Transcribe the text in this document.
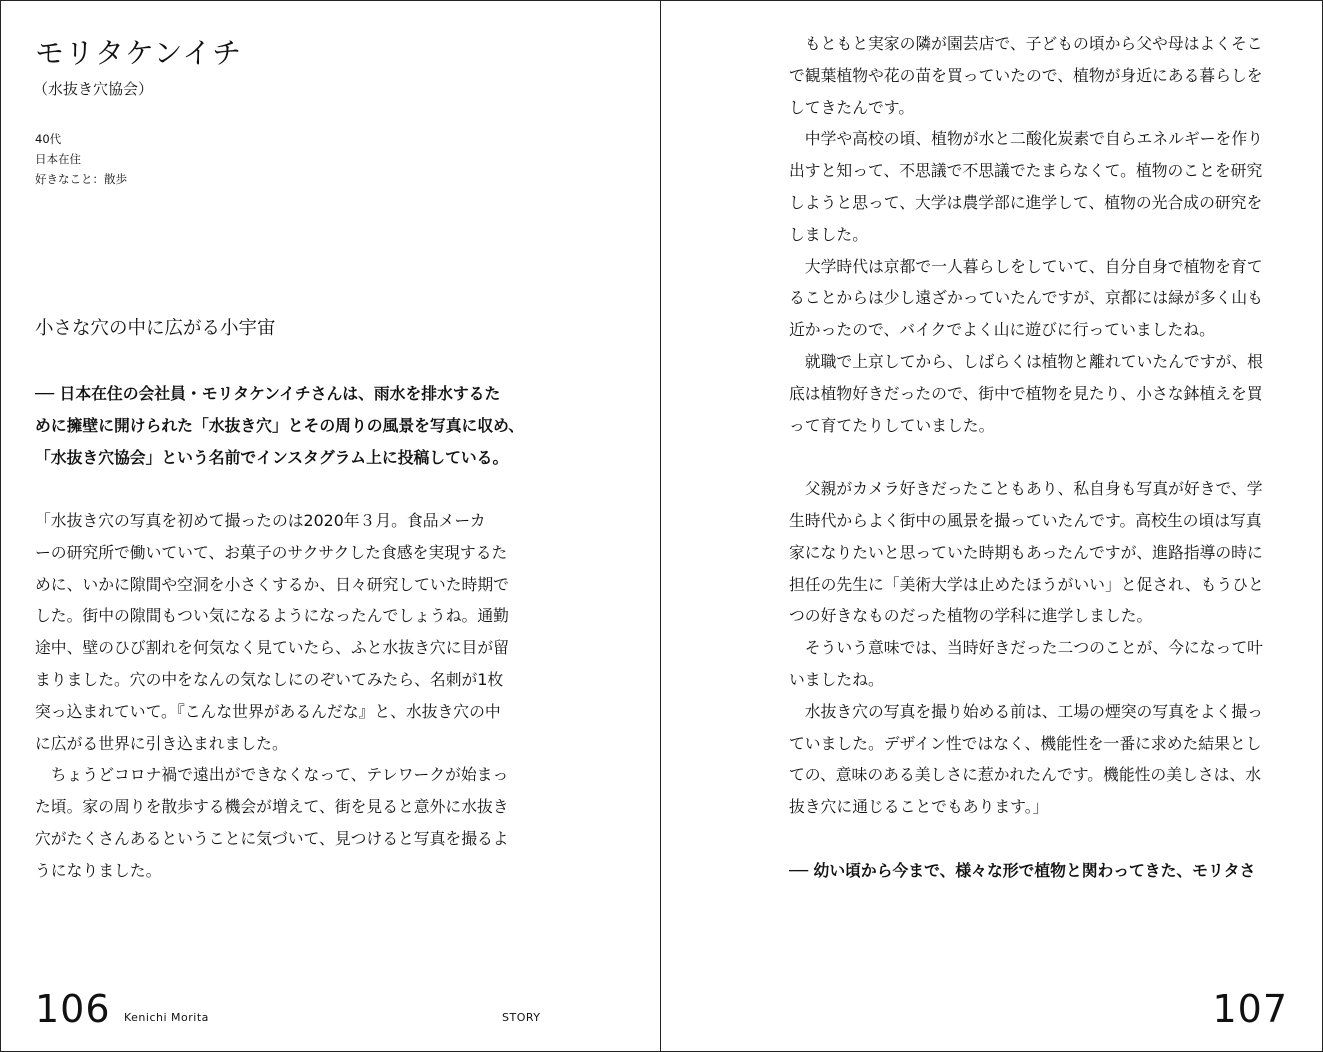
モリタケンイチ
（水抜き穴協会）
40代
日本在住
好きなこと：散歩
小さな穴の中に広がる小宇宙
── 日本在住の会社員・モリタケンイチさんは、雨水を排水するた
めに擁壁に開けられた「水抜き穴」とその周りの風景を写真に収め、
「水抜き穴協会」という名前でインスタグラム上に投稿している。
「水抜き穴の写真を初めて撮ったのは2020年３月。食品メーカ
ーの研究所で働いていて、お菓子のサクサクした食感を実現するた
めに、いかに隙間や空洞を小さくするか、日々研究していた時期で
した。街中の隙間もつい気になるようになったんでしょうね。通勤
途中、壁のひび割れを何気なく見ていたら、ふと水抜き穴に目が留
まりました。穴の中をなんの気なしにのぞいてみたら、名刺が1枚
突っ込まれていて。『こんな世界があるんだな』と、水抜き穴の中
に広がる世界に引き込まれました。
　ちょうどコロナ禍で遠出ができなくなって、テレワークが始まっ
た頃。家の周りを散歩する機会が増えて、街を見ると意外に水抜き
穴がたくさんあるということに気づいて、見つけると写真を撮るよ
うになりました。
106 Kenichi Morita	STORY
　もともと実家の隣が園芸店で、子どもの頃から父や母はよくそこ
で観葉植物や花の苗を買っていたので、植物が身近にある暮らしを
してきたんです。
　中学や高校の頃、植物が水と二酸化炭素で自らエネルギーを作り
出すと知って、不思議で不思議でたまらなくて。植物のことを研究
しようと思って、大学は農学部に進学して、植物の光合成の研究を
しました。
　大学時代は京都で一人暮らしをしていて、自分自身で植物を育て
ることからは少し遠ざかっていたんですが、京都には緑が多く山も
近かったので、バイクでよく山に遊びに行っていましたね。
　就職で上京してから、しばらくは植物と離れていたんですが、根
底は植物好きだったので、街中で植物を見たり、小さな鉢植えを買
って育てたりしていました。
　父親がカメラ好きだったこともあり、私自身も写真が好きで、学
生時代からよく街中の風景を撮っていたんです。高校生の頃は写真
家になりたいと思っていた時期もあったんですが、進路指導の時に
担任の先生に「美術大学は止めたほうがいい」と促され、もうひと
つの好きなものだった植物の学科に進学しました。
　そういう意味では、当時好きだった二つのことが、今になって叶
いましたね。
　水抜き穴の写真を撮り始める前は、工場の煙突の写真をよく撮っ
ていました。デザイン性ではなく、機能性を一番に求めた結果とし
ての、意味のある美しさに惹かれたんです。機能性の美しさは、水
抜き穴に通じることでもあります。」
── 幼い頃から今まで、様々な形で植物と関わってきた、モリタさ
107
